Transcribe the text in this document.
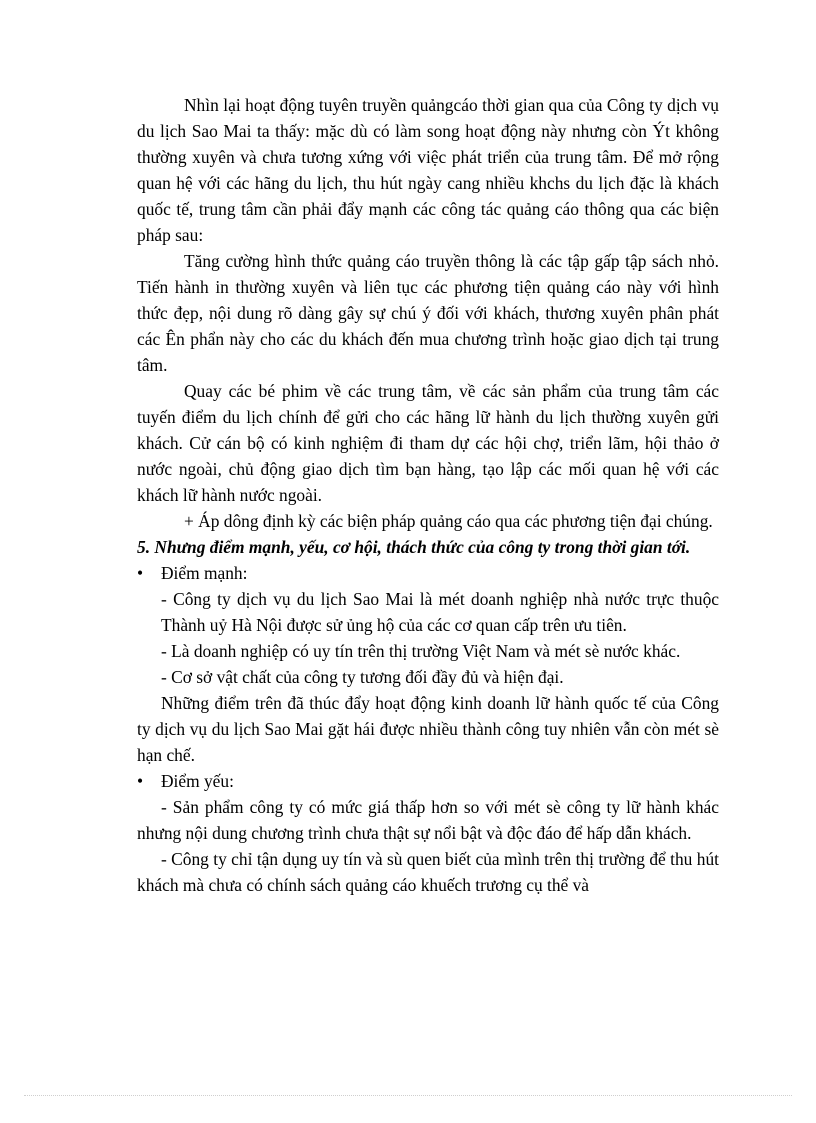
Nhìn lại hoạt động tuyên truyền quảngcáo thời gian qua của Công ty dịch vụ du lịch Sao Mai ta thấy: mặc dù có làm song hoạt động này nhưng còn Ýt không thường xuyên và chưa tương xứng với việc phát triển của trung tâm. Để mở rộng quan hệ với các hãng du lịch, thu hút ngày cang nhiều khchs du lịch đặc là khách quốc tế, trung tâm cần phải đẩy mạnh các công tác quảng cáo thông qua các biện pháp sau:

Tăng cường hình thức quảng cáo truyền thông là các tập gấp tập sách nhỏ. Tiến hành in thường xuyên và liên tục các phương tiện quảng cáo này với hình thức đẹp, nội dung rõ dàng gây sự chú ý đối với khách, thương xuyên phân phát các Ên phẩn này cho các du khách đến mua chương trình hoặc giao dịch tại trung tâm.

Quay các bé phim về các trung tâm, về các sản phẩm của trung tâm các tuyến điểm du lịch chính để gửi cho các hãng lữ hành du lịch thường xuyên gửi khách. Cử cán bộ có kinh nghiệm đi tham dự các hội chợ, triển lãm, hội thảo ở nước ngoài, chủ động giao dịch tìm bạn hàng, tạo lập các mối quan hệ với các khách lữ hành nước ngoài.

+ Áp dông định kỳ các biện pháp quảng cáo qua các phương tiện đại chúng.

5. Nhưng điểm mạnh, yếu, cơ hội, thách thức của công ty trong thời gian tới.

•	Điểm mạnh:

- Công ty dịch vụ du lịch Sao Mai là mét doanh nghiệp nhà nước trực thuộc Thành uỷ Hà Nội được sử ủng hộ của các cơ quan cấp trên ưu tiên.

- Là doanh nghiệp có uy tín trên thị trường Việt Nam và mét sè nước khác.

- Cơ sở vật chất của công ty tương đối đầy đủ và hiện đại.

Những điểm trên đã thúc đẩy hoạt động kinh doanh lữ hành quốc tế của Công ty dịch vụ du lịch Sao Mai gặt hái được nhiều thành công tuy nhiên vẫn còn mét sè hạn chế.

•	Điểm yếu:

- Sản phẩm công ty có mức giá thấp hơn so với mét sè công ty lữ hành khác nhưng nội dung chương trình chưa thật sự nổi bật và độc đáo để hấp dẫn khách.

- Công ty chỉ tận dụng uy tín và sù quen biết của mình trên thị trường để thu hút khách mà chưa có chính sách quảng cáo khuếch trương cụ thể và
